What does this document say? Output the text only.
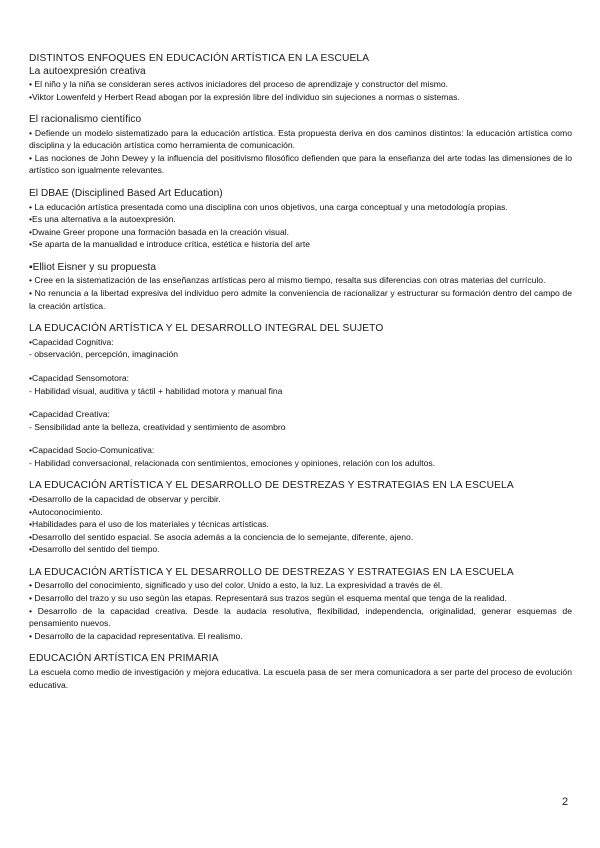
DISTINTOS ENFOQUES EN EDUCACIÓN ARTÍSTICA EN LA ESCUELA
La autoexpresión creativa
• El niño y la niña se consideran seres activos iniciadores del proceso de aprendizaje y constructor del mismo.
•Viktor Lowenfeld y Herbert Read abogan por la expresión libre del individuo sin sujeciones a normas o sistemas.
El racionalismo científico
• Defiende un modelo sistematizado para la educación artística. Esta propuesta deriva en dos caminos distintos: la educación artística como disciplina y la educación artística como herramienta de comunicación.
• Las nociones de John Dewey y la influencia del positivismo filosófico defienden que para la enseñanza del arte todas las dimensiones de lo artístico son igualmente relevantes.
El DBAE (Disciplined Based Art Education)
• La educación artística presentada como una disciplina con unos objetivos, una carga conceptual y una metodología propias.
•Es una alternativa a la autoexpresión.
•Dwaine Greer propone una formación basada en la creación visual.
•Se aparta de la manualidad e introduce crítica, estética e historia del arte
▪Elliot Eisner y su propuesta
• Cree en la sistematización de las enseñanzas artísticas pero al mismo tiempo, resalta sus diferencias con otras materias del currículo.
• No renuncia a la libertad expresiva del individuo pero admite la conveniencia de racionalizar y estructurar su formación dentro del campo de la creación artística.
LA EDUCACIÓN ARTÍSTICA Y EL DESARROLLO INTEGRAL DEL SUJETO
•Capacidad Cognitiva:
- observación, percepción, imaginación
•Capacidad Sensomotora:
- Habilidad visual, auditiva y táctil + habilidad motora y manual fina
•Capacidad Creativa:
- Sensibilidad ante la belleza, creatividad y sentimiento de asombro
•Capacidad Socio-Comunicativa:
- Habilidad conversacional, relacionada con sentimientos, emociones y opiniones, relación con los adultos.
LA EDUCACIÓN ARTÍSTICA Y EL DESARROLLO DE DESTREZAS Y ESTRATEGIAS EN LA ESCUELA
•Desarrollo de la capacidad de observar y percibir.
•Autoconocimiento.
•Habilidades para el uso de los materiales y técnicas artísticas.
•Desarrollo del sentido espacial. Se asocia además a la conciencia de lo semejante, diferente, ajeno.
•Desarrollo del sentido del tiempo.
LA EDUCACIÓN ARTÍSTICA Y EL DESARROLLO DE DESTREZAS Y ESTRATEGIAS EN LA ESCUELA
• Desarrollo del conocimiento, significado y uso del color. Unido a esto, la luz. La expresividad a través de él.
• Desarrollo del trazo y su uso según las etapas. Representará sus trazos según el esquema mental que tenga de la realidad.
• Desarrollo de la capacidad creativa. Desde la audacia resolutiva, flexibilidad, independencia, originalidad, generar esquemas de pensamiento nuevos.
• Desarrollo de la capacidad representativa. El realismo.
EDUCACIÓN ARTÍSTICA EN PRIMARIA
La escuela como medio de investigación y mejora educativa. La escuela pasa de ser mera comunicadora a ser parte del proceso de evolución educativa.
2
